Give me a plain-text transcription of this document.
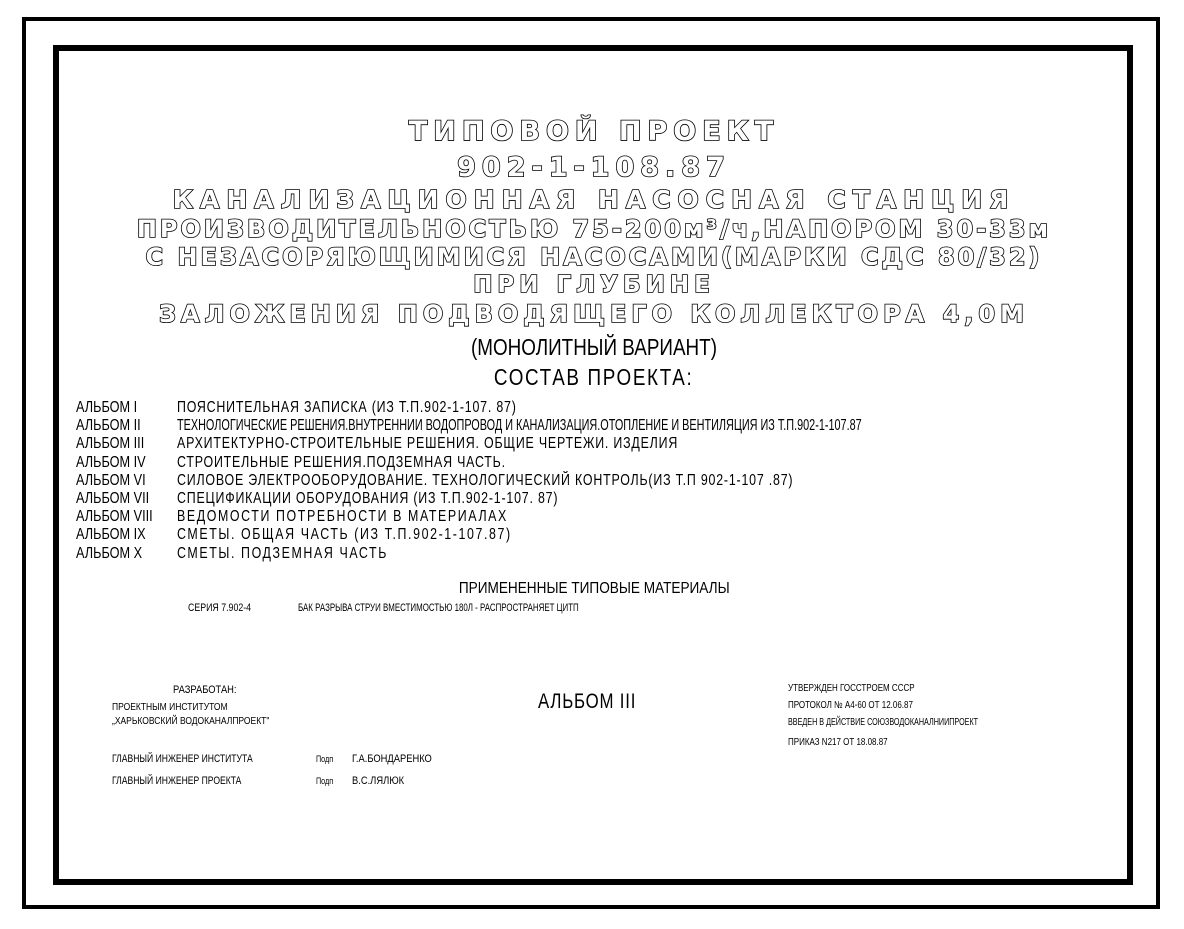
ТИПОВОЙ ПРОЕКТ
902-1-108.87
КАНАЛИЗАЦИОННАЯ НАСОСНАЯ СТАНЦИЯ
ПРОИЗВОДИТЕЛЬНОСТЬЮ 75-200м³/ч,НАПОРОМ 30-33м
С НЕЗАСОРЯЮЩИМИСЯ НАСОСАМИ(МАРКИ СДС 80/32)
ПРИ ГЛУБИНЕ
ЗАЛОЖЕНИЯ ПОДВОДЯЩЕГО КОЛЛЕКТОРА 4,0М
(МОНОЛИТНЫЙ ВАРИАНТ)
СОСТАВ ПРОЕКТА:
АЛЬБОМ I	ПОЯСНИТЕЛЬНАЯ ЗАПИСКА (ИЗ Т.П.902-1-107. 87)
АЛЬБОМ II	ТЕХНОЛОГИЧЕСКИЕ РЕШЕНИЯ.ВНУТРЕННИИ ВОДОПРОВОД И КАНАЛИЗАЦИЯ.ОТОПЛЕНИЕ И ВЕНТИЛЯЦИЯ ИЗ Т.П.902-1-107.87
АЛЬБОМ III	АРХИТЕКТУРНО-СТРОИТЕЛЬНЫЕ РЕШЕНИЯ. ОБЩИЕ ЧЕРТЕЖИ. ИЗДЕЛИЯ
АЛЬБОМ IV	СТРОИТЕЛЬНЫЕ РЕШЕНИЯ.ПОДЗЕМНАЯ ЧАСТЬ.
АЛЬБОМ VI	СИЛОВОЕ ЭЛЕКТРООБОРУДОВАНИЕ. ТЕХНОЛОГИЧЕСКИЙ КОНТРОЛЬ(ИЗ Т.П 902-1-107 .87)
АЛЬБОМ VII	СПЕЦИФИКАЦИИ ОБОРУДОВАНИЯ (ИЗ Т.П.902-1-107. 87)
АЛЬБОМ VIII	ВЕДОМОСТИ ПОТРЕБНОСТИ В МАТЕРИАЛАХ
АЛЬБОМ IX	СМЕТЫ. ОБЩАЯ ЧАСТЬ (ИЗ Т.П.902-1-107.87)
АЛЬБОМ X	СМЕТЫ. ПОДЗЕМНАЯ ЧАСТЬ
ПРИМЕНЕННЫЕ ТИПОВЫЕ МАТЕРИАЛЫ
СЕРИЯ 7.902-4	БАК РАЗРЫВА СТРУИ ВМЕСТИМОСТЬЮ 180Л - РАСПРОСТРАНЯЕТ ЦИТП
РАЗРАБОТАН:
ПРОЕКТНЫМ ИНСТИТУТОМ
„ХАРЬКОВСКИЙ ВОДОКАНАЛПРОЕКТ"
ГЛАВНЫЙ ИНЖЕНЕР ИНСТИТУТА	Подп Г.А.БОНДАРЕНКО
ГЛАВНЫЙ ИНЖЕНЕР ПРОЕКТА	Подп В.С.ЛЯЛЮК
АЛЬБОМ III
УТВЕРЖДЕН ГОССТРОЕМ СССР
ПРОТОКОЛ № А4-60 ОТ 12.06.87
ВВЕДЕН В ДЕЙСТВИЕ СОЮЗВОДОКАНАЛНИИПРОЕКТ
ПРИКАЗ N217 ОТ 18.08.87
